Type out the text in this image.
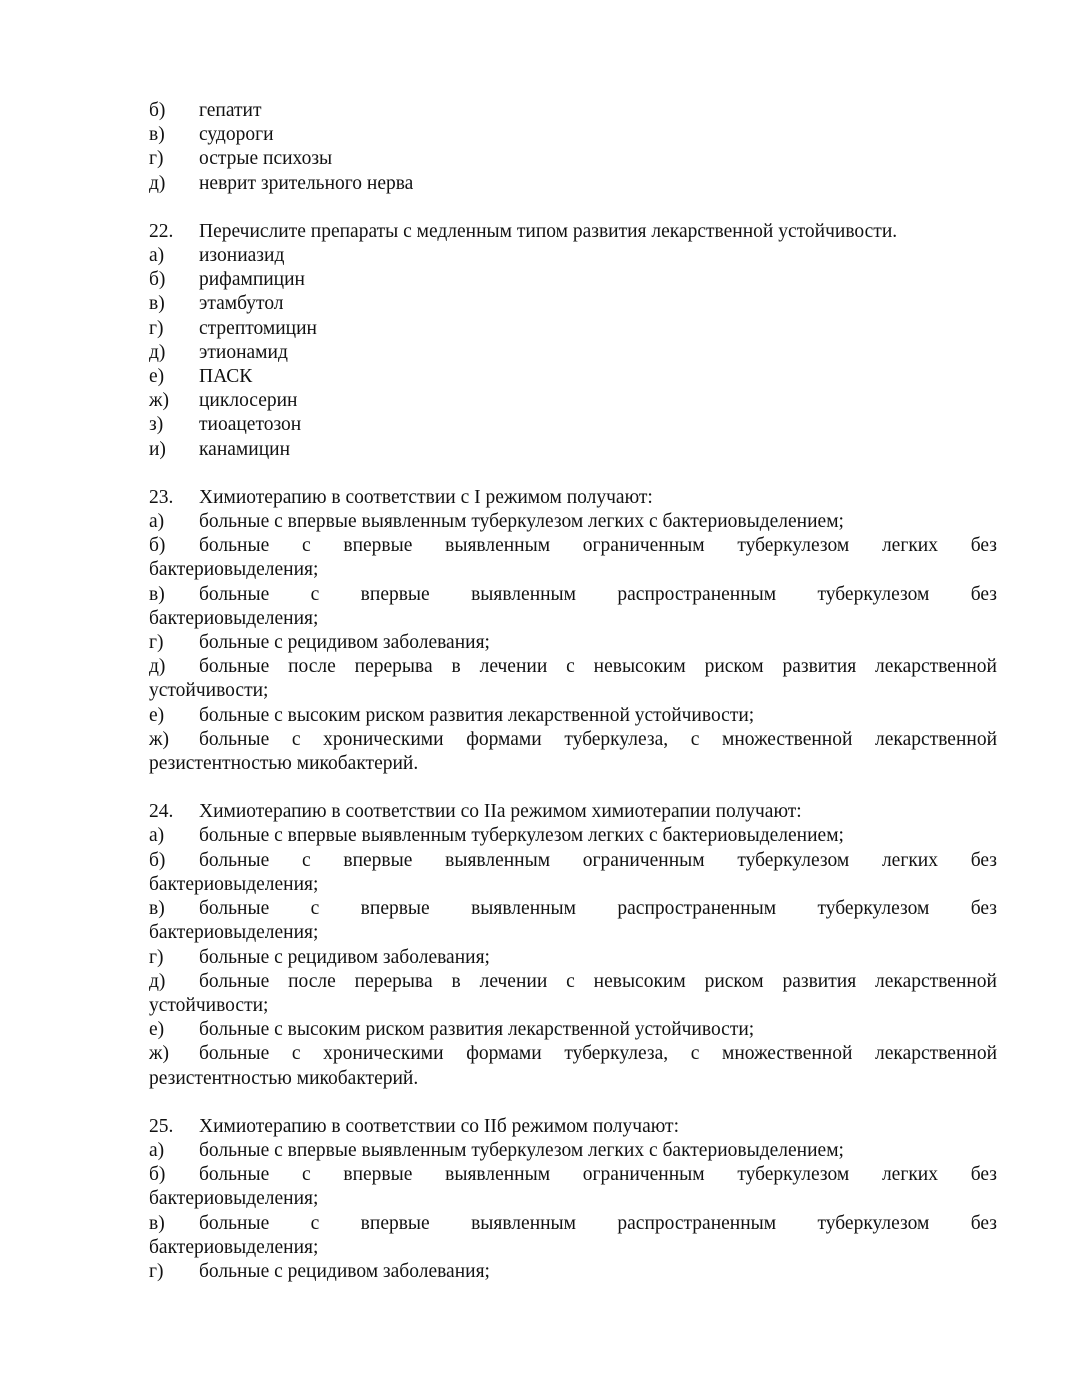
б)	гепатит
в)	судороги
г)	острые психозы
д)	неврит зрительного нерва
22.	Перечислите препараты с медленным типом развития лекарственной устойчивости.
а)	изониазид
б)	рифампицин
в)	этамбутол
г)	стрептомицин
д)	этионамид
е)	ПАСК
ж)	циклосерин
з)	тиоацетозон
и)	канамицин
23.	Химиотерапию в соответствии с I режимом получают:
а)	больные с впервые выявленным туберкулезом легких с бактериовыделением;
б)	больные с впервые выявленным ограниченным туберкулезом легких без
бактериовыделения;
в)	больные с впервые выявленным распространенным туберкулезом без
бактериовыделения;
г)	больные с рецидивом заболевания;
д)	больные после перерыва в лечении с невысоким риском развития лекарственной
устойчивости;
е)	больные с высоким риском развития лекарственной устойчивости;
ж)	больные с хроническими формами туберкулеза, с множественной лекарственной
резистентностью микобактерий.
24.	Химиотерапию в соответствии со IIа режимом химиотерапии получают:
а)	больные с впервые выявленным туберкулезом легких с бактериовыделением;
б)	больные с впервые выявленным ограниченным туберкулезом легких без
бактериовыделения;
в)	больные с впервые выявленным распространенным туберкулезом без
бактериовыделения;
г)	больные с рецидивом заболевания;
д)	больные после перерыва в лечении с невысоким риском развития лекарственной
устойчивости;
е)	больные с высоким риском развития лекарственной устойчивости;
ж)	больные с хроническими формами туберкулеза, с множественной лекарственной
резистентностью микобактерий.
25.	Химиотерапию в соответствии со IIб режимом получают:
а)	больные с впервые выявленным туберкулезом легких с бактериовыделением;
б)	больные с впервые выявленным ограниченным туберкулезом легких без
бактериовыделения;
в)	больные с впервые выявленным распространенным туберкулезом без
бактериовыделения;
г)	больные с рецидивом заболевания;
